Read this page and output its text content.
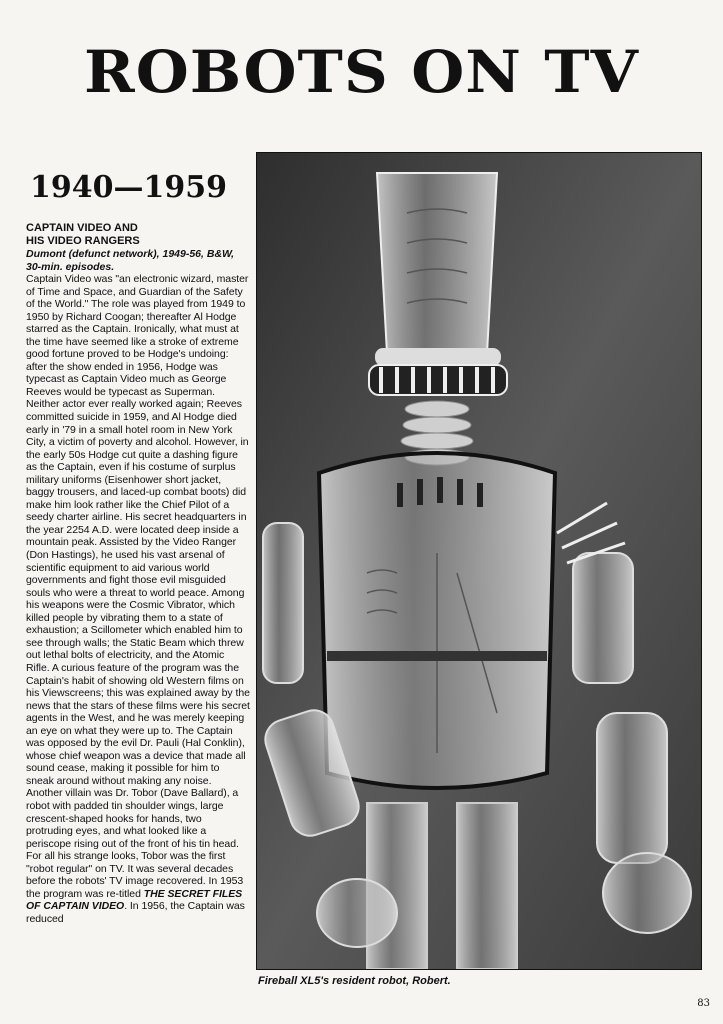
ROBOTS ON TV
1940—1959

CAPTAIN VIDEO AND

HIS VIDEO RANGERS

Dumont (defunct network), 1949-56, B&W, 30-min. episodes.

Captain Video was "an electronic wizard, master of Time and Space, and Guardian of the Safety of the World." The role was played from 1949 to 1950 by Richard Coogan; thereafter Al Hodge starred as the Captain. Ironically, what must at the time have seemed like a stroke of extreme good fortune proved to be Hodge's undoing: after the show ended in 1956, Hodge was typecast as Captain Video much as George Reeves would be typecast as Superman. Neither actor ever really worked again; Reeves committed suicide in 1959, and Al Hodge died early in '79 in a small hotel room in New York City, a victim of poverty and alcohol. However, in the early 50s Hodge cut quite a dashing figure as the Captain, even if his costume of surplus military uniforms (Eisenhower short jacket, baggy trousers, and laced-up combat boots) did make him look rather like the Chief Pilot of a seedy charter airline. His secret headquarters in the year 2254 A.D. were located deep inside a mountain peak. Assisted by the Video Ranger (Don Hastings), he used his vast arsenal of scientific equipment to aid various world governments and fight those evil misguided souls who were a threat to world peace. Among his weapons were the Cosmic Vibrator, which killed people by vibrating them to a state of exhaustion; a Scillometer which enabled him to see through walls; the Static Beam which threw out lethal bolts of electricity, and the Atomic Rifle. A curious feature of the program was the Captain's habit of showing old Western films on his Viewscreens; this was explained away by the news that the stars of these films were his secret agents in the West, and he was merely keeping an eye on what they were up to. The Captain was opposed by the evil Dr. Pauli (Hal Conklin), whose chief weapon was a device that made all sound cease, making it possible for him to sneak around without making any noise. Another villain was Dr. Tobor (Dave Ballard), a robot with padded tin shoulder wings, large crescent-shaped hooks for hands, two protruding eyes, and what looked like a periscope rising out of the front of his tin head. For all his strange looks, Tobor was the first "robot regular" on TV. It was several decades before the robots' TV image recovered. In 1953 the program was re-titled THE SECRET FILES OF CAPTAIN VIDEO. In 1956, the Captain was reduced

Fireball XL5's resident robot, Robert.
83
